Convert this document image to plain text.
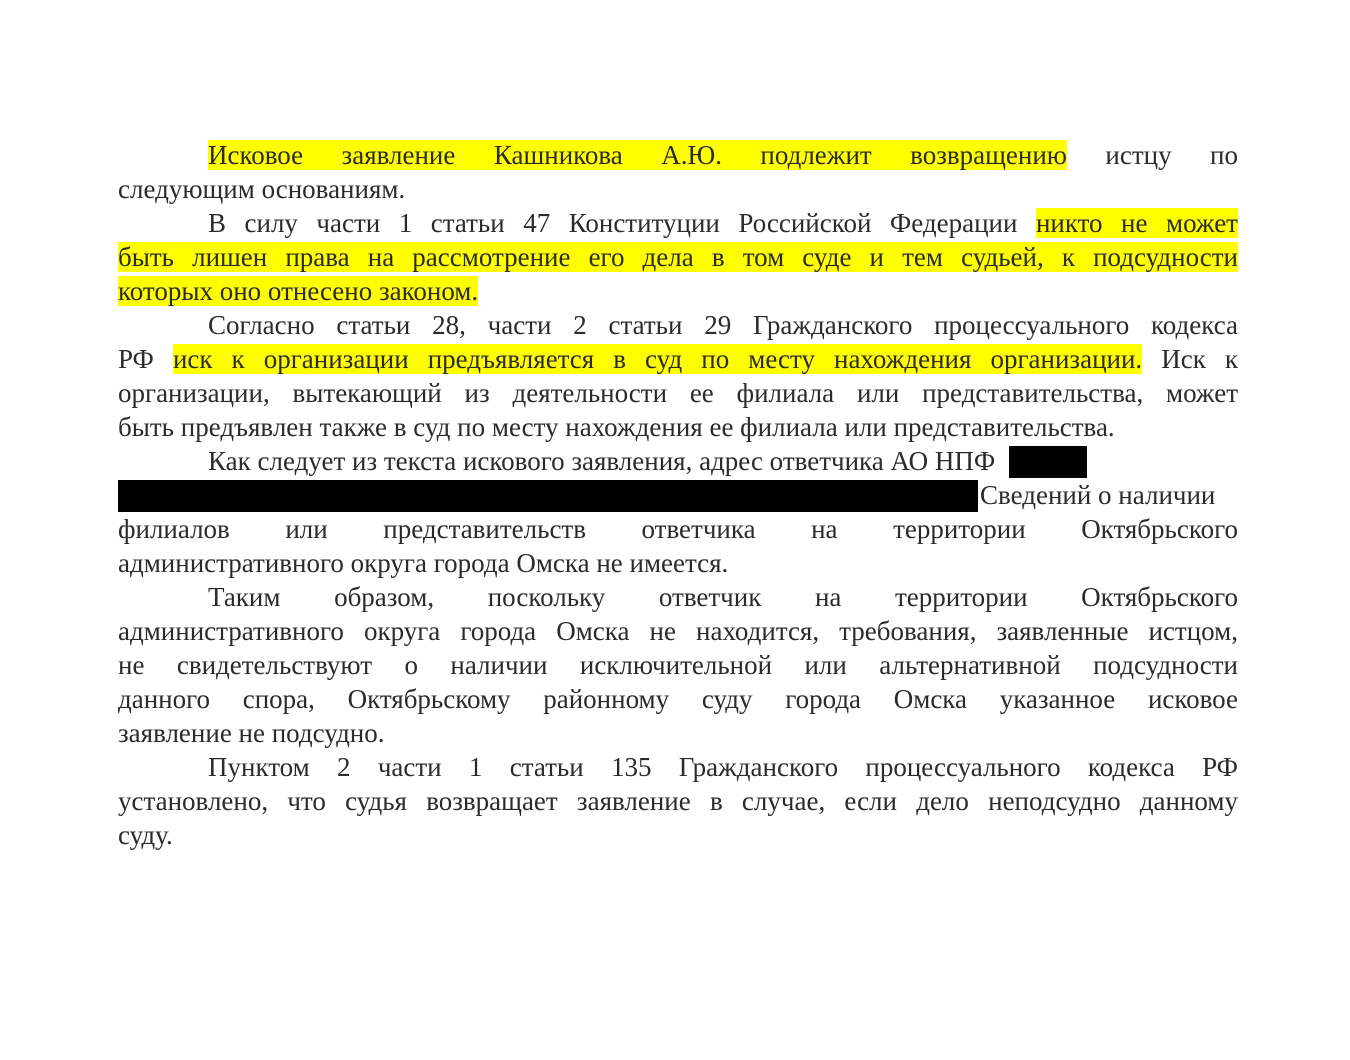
Исковое заявление Кашникова А.Ю. подлежит возвращению истцу по
следующим основаниям.
В силу части 1 статьи 47 Конституции Российской Федерации никто не может
быть лишен права на рассмотрение его дела в том суде и тем судьей, к подсудности
которых оно отнесено законом.
Согласно статьи 28, части 2 статьи 29 Гражданского процессуального кодекса
РФ иск к организации предъявляется в суд по месту нахождения организации. Иск к
организации, вытекающий из деятельности ее филиала или представительства, может
быть предъявлен также в суд по месту нахождения ее филиала или представительства.
Как следует из текста искового заявления, адрес ответчика АО НПФ
Сведений о наличии
филиалов или представительств ответчика на территории Октябрьского
административного округа города Омска не имеется.
Таким образом, поскольку ответчик на территории Октябрьского
административного округа города Омска не находится, требования, заявленные истцом,
не свидетельствуют о наличии исключительной или альтернативной подсудности
данного спора, Октябрьскому районному суду города Омска указанное исковое
заявление не подсудно.
Пунктом 2 части 1 статьи 135 Гражданского процессуального кодекса РФ
установлено, что судья возвращает заявление в случае, если дело неподсудно данному
суду.
